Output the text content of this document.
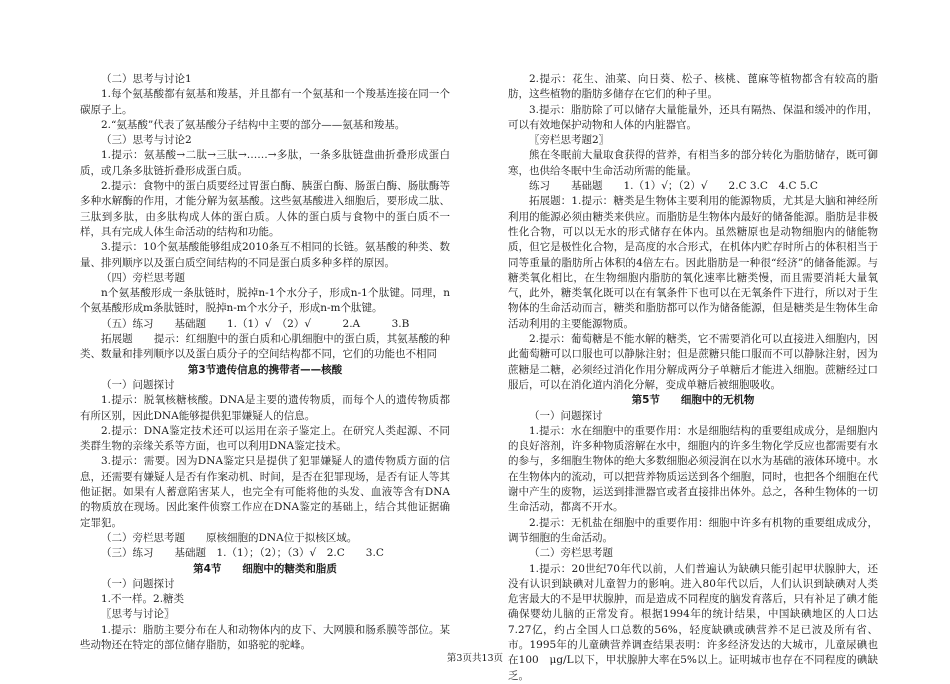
（二）思考与讨论1
1.每个氨基酸都有氨基和羧基，并且都有一个氨基和一个羧基连接在同一个碳原子上。
2.“氨基酸”代表了氨基酸分子结构中主要的部分——氨基和羧基。
（三）思考与讨论2
1.提示：氨基酸→二肽→三肽→……→多肽，一条多肽链盘曲折叠形成蛋白质，或几条多肽链折叠形成蛋白质。
2.提示：食物中的蛋白质要经过胃蛋白酶、胰蛋白酶、肠蛋白酶、肠肽酶等多种水解酶的作用，才能分解为氨基酸。这些氨基酸进入细胞后，要形成二肽、三肽到多肽，由多肽构成人体的蛋白质。人体的蛋白质与食物中的蛋白质不一样，具有完成人体生命活动的结构和功能。
3.提示：10个氨基酸能够组成2010条互不相同的长链。氨基酸的种类、数量、排列顺序以及蛋白质空间结构的不同是蛋白质多种多样的原因。
（四）旁栏思考题
n个氨基酸形成一条肽链时，脱掉n-1个水分子，形成n-1个肽键。同理，n个氨基酸形成m条肽链时，脱掉n-m个水分子，形成n-m个肽键。
（五）练习　　基础题　　1.（1）√　（2）√　　　2.A　　　3.B
拓展题　　提示：红细胞中的蛋白质和心肌细胞中的蛋白质，其氨基酸的种类、数量和排列顺序以及蛋白质分子的空间结构都不同，它们的功能也不相同
第3节遗传信息的携带者——核酸
（一）问题探讨
1.提示：脱氧核糖核酸。DNA是主要的遗传物质，而每个人的遗传物质都有所区别，因此DNA能够提供犯罪嫌疑人的信息。
2.提示：DNA鉴定技术还可以运用在亲子鉴定上。在研究人类起源、不同类群生物的亲缘关系等方面，也可以利用DNA鉴定技术。
3.提示：需要。因为DNA鉴定只是提供了犯罪嫌疑人的遗传物质方面的信息，还需要有嫌疑人是否有作案动机、时间，是否在犯罪现场，是否有证人等其他证据。如果有人蓄意陷害某人，也完全有可能将他的头发、血液等含有DNA的物质放在现场。因此案件侦察工作应在DNA鉴定的基础上，结合其他证据确定罪犯。
（二）旁栏思考题　　原核细胞的DNA位于拟核区域。
（三）练习　　基础题　1.（1）；（2）；（3）√　2.C　　3.C
第4节　　细胞中的糖类和脂质
（一）问题探讨
1.不一样。2.糖类
〖思考与讨论〗
1.提示：脂肪主要分布在人和动物体内的皮下、大网膜和肠系膜等部位。某些动物还在特定的部位储存脂肪，如骆驼的驼峰。
2.提示：花生、油菜、向日葵、松子、核桃、蓖麻等植物都含有较高的脂肪，这些植物的脂肪多储存在它们的种子里。
3.提示：脂肪除了可以储存大量能量外，还具有隔热、保温和缓冲的作用，可以有效地保护动物和人体的内脏器官。
〖旁栏思考题2〗
熊在冬眠前大量取食获得的营养，有相当多的部分转化为脂肪储存，既可御寒，也供给冬眠中生命活动所需的能量。
练习　　基础题　　1.（1）√；（2）√　　2.C 3.C　4.C 5.C
拓展题：1.提示：糖类是生物体主要利用的能源物质，尤其是大脑和神经所利用的能源必须由糖类来供应。而脂肪是生物体内最好的储备能源。脂肪是非极性化合物，可以以无水的形式储存在体内。虽然糖原也是动物细胞内的储能物质，但它是极性化合物，是高度的水合形式，在机体内贮存时所占的体积相当于同等重量的脂肪所占体积的4倍左右。因此脂肪是一种很“经济”的储备能源。与糖类氧化相比，在生物细胞内脂肪的氧化速率比糖类慢，而且需要消耗大量氧气，此外，糖类氧化既可以在有氧条件下也可以在无氧条件下进行，所以对于生物体的生命活动而言，糖类和脂肪都可以作为储备能源，但是糖类是生物体生命活动利用的主要能源物质。
2.提示：葡萄糖是不能水解的糖类，它不需要消化可以直接进入细胞内，因此葡萄糖可以口服也可以静脉注射；但是蔗糖只能口服而不可以静脉注射，因为蔗糖是二糖，必须经过消化作用分解成两分子单糖后才能进入细胞。蔗糖经过口服后，可以在消化道内消化分解，变成单糖后被细胞吸收。
第5节　　细胞中的无机物
（一）问题探讨
1.提示：水在细胞中的重要作用：水是细胞结构的重要组成成分，是细胞内的良好溶剂，许多种物质溶解在水中，细胞内的许多生物化学反应也都需要有水的参与，多细胞生物体的绝大多数细胞必须浸润在以水为基础的液体环境中。水在生物体内的流动，可以把营养物质运送到各个细胞，同时，也把各个细胞在代谢中产生的废物，运送到排泄器官或者直接排出体外。总之，各种生物体的一切生命活动，都离不开水。
2.提示：无机盐在细胞中的重要作用：细胞中许多有机物的重要组成成分，调节细胞的生命活动。
（二）旁栏思考题
1.提示：20世纪70年代以前，人们普遍认为缺碘只能引起甲状腺肿大，还没有认识到缺碘对儿童智力的影响。进入80年代以后，人们认识到缺碘对人类危害最大的不是甲状腺肿，而是造成不同程度的脑发育落后，只有补足了碘才能确保婴幼儿脑的正常发育。根据1994年的统计结果，中国缺碘地区的人口达7.27亿，约占全国人口总数的56%，轻度缺碘或碘营养不足已波及所有省、市。1995年的儿童碘营养调查结果表明：许多经济发达的大城市，儿童尿碘也在100　μg/L以下，甲状腺肿大率在5%以上。证明城市也存在不同程度的碘缺乏。
第3页共13页
